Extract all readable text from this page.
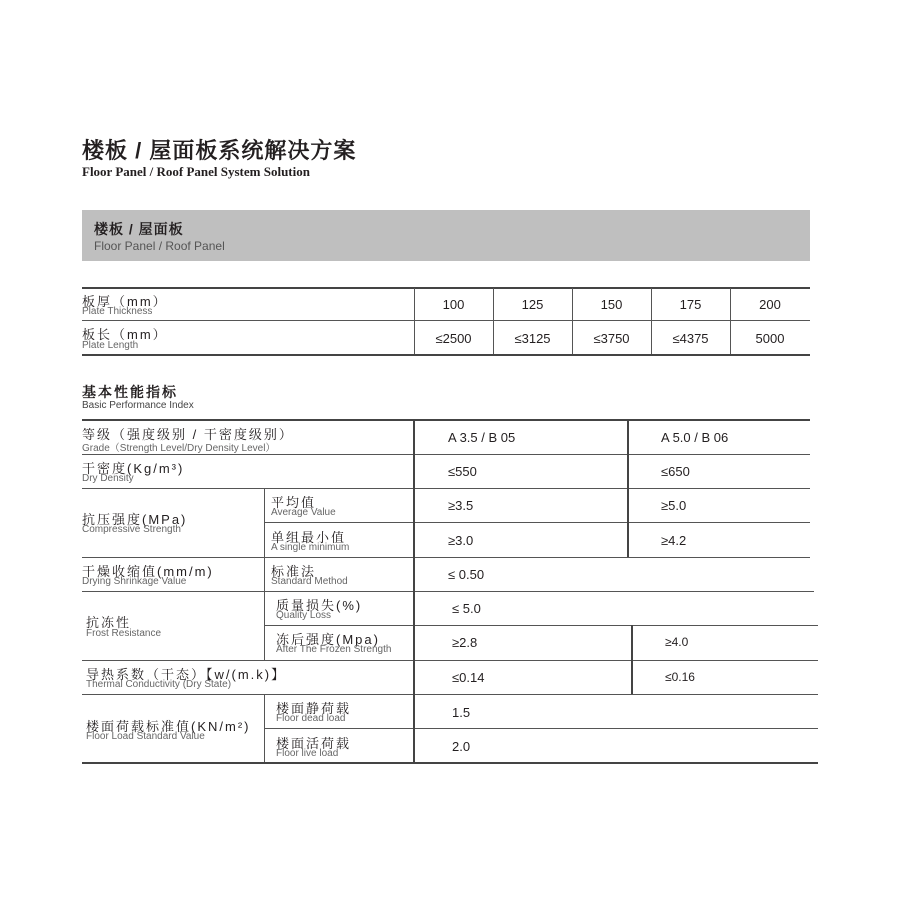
楼板 / 屋面板系统解决方案
Floor Panel / Roof Panel System Solution
楼板 / 屋面板
Floor Panel / Roof Panel
板厚（mm）
Plate Thickness	100	125	150	175	200
板长（mm）
Plate Length	≤2500	≤3125	≤3750	≤4375	5000
基本性能指标
Basic Performance Index
等级（强度级别 / 干密度级别）
Grade（Strength Level/Dry Density Level）
A 3.5 / B 05	A 5.0 / B 06
干密度(Kg/m³)
Dry Density	≤550	≤650
抗压强度(MPa)
Compressive Strength
平均值
Average Value	≥3.5	≥5.0
单组最小值
A single minimum	≥3.0	≥4.2
干燥收缩值(mm/m)
Drying Shrinkage Value
标准法
Standard Method	≤ 0.50
抗冻性
Frost Resistance
质量损失(%)
Quality Loss	≤ 5.0
冻后强度(Mpa)
After The Frozen Strength	≥2.8	≥4.0
导热系数（干态）【w/(m.k)】
Thermal Conductivity (Dry State)	≤0.14	≤0.16
楼面荷载标准值(KN/m²)
Floor Load Standard Value
楼面静荷载
Floor dead load	1.5
楼面活荷载
Floor live load	2.0
